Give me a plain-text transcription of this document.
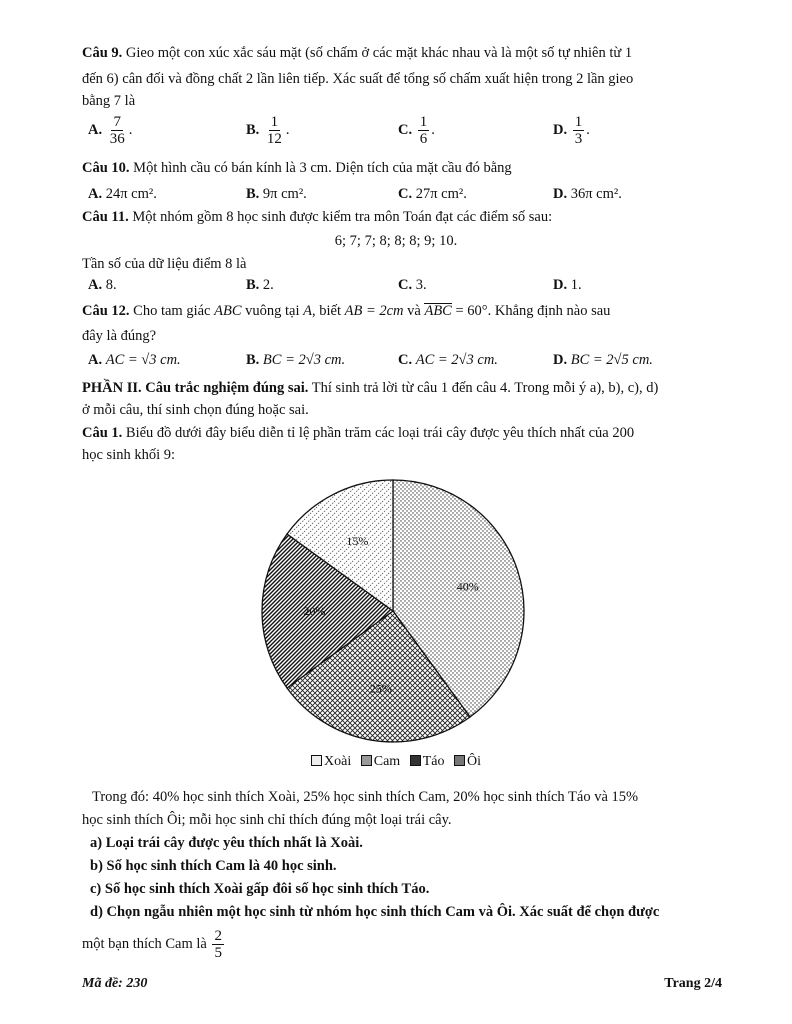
Câu 9. Gieo một con xúc xắc sáu mặt (số chấm ở các mặt khác nhau và là một số tự nhiên từ 1
đến 6) cân đối và đồng chất 2 lần liên tiếp. Xác suất để tổng số chấm xuất hiện trong 2 lần gieo
bằng 7 là
A. $\frac{7}{36}$ .	B. $\frac{1}{12}$ .	C. $\frac{1}{6}$ .	D. $\frac{1}{3}$ .
Câu 10. Một hình cầu có bán kính là 3 cm. Diện tích của mặt cầu đó bằng
A. 24π cm².	B. 9π cm².	C. 27π cm².	D. 36π cm².
Câu 11. Một nhóm gồm 8 học sinh được kiểm tra môn Toán đạt các điểm số sau:
6; 7; 7; 8; 8; 8; 9; 10.
Tần số của dữ liệu điểm 8 là
A. 8.	B. 2.	C. 3.	D. 1.
Câu 12. Cho tam giác ABC vuông tại A, biết AB = 2cm và ABC = 60°. Khẳng định nào sau
đây là đúng?
A. AC = √3 cm.	B. BC = 2√3 cm.	C. AC = 2√3 cm.	D. BC = 2√5 cm.
PHẦN II. Câu trắc nghiệm đúng sai. Thí sinh trả lời từ câu 1 đến câu 4. Trong mỗi ý a), b), c), d)
ở mỗi câu, thí sinh chọn đúng hoặc sai.
Câu 1. Biểu đồ dưới đây biểu diễn tỉ lệ phần trăm các loại trái cây được yêu thích nhất của 200
học sinh khối 9:
40%
25%
20%
15%
Xoài Cam Táo Ôi
Trong đó: 40% học sinh thích Xoài, 25% học sinh thích Cam, 20% học sinh thích Táo và 15%
học sinh thích Ôi; mỗi học sinh chỉ thích đúng một loại trái cây.
a) Loại trái cây được yêu thích nhất là Xoài.
b) Số học sinh thích Cam là 40 học sinh.
c) Số học sinh thích Xoài gấp đôi số học sinh thích Táo.
d) Chọn ngẫu nhiên một học sinh từ nhóm học sinh thích Cam và Ôi. Xác suất để chọn được
một bạn thích Cam là $\frac{2}{5}$
Mã đề: 230	Trang 2/4
